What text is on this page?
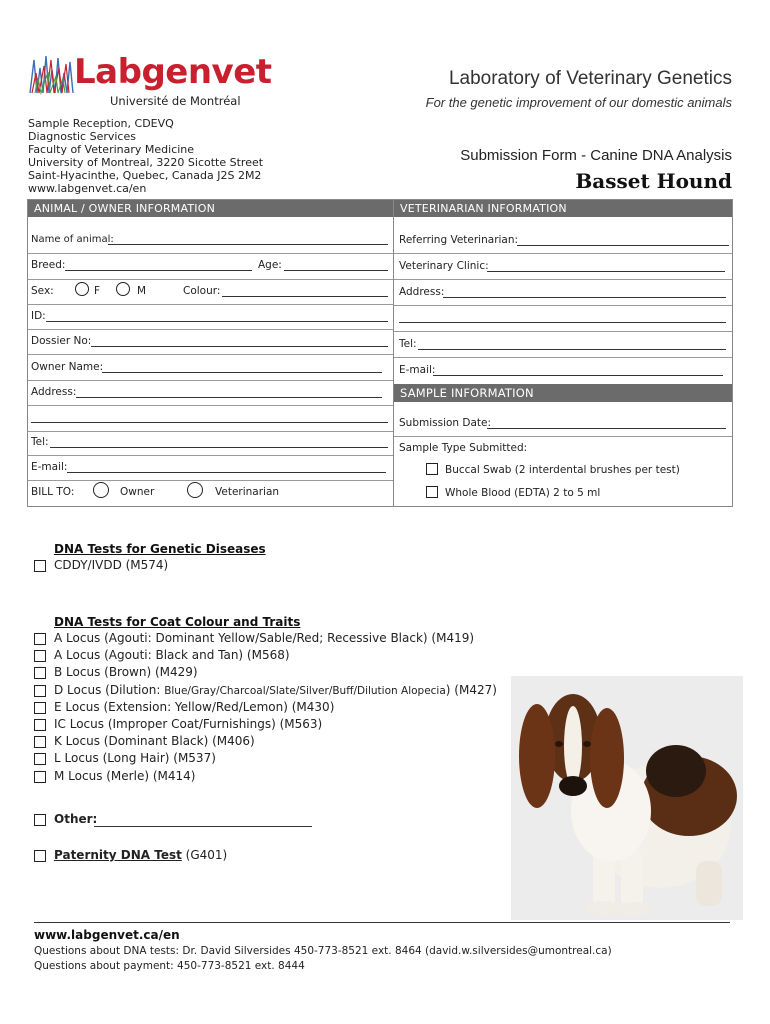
Labgenvet
Université de Montréal
Laboratory of Veterinary Genetics
For the genetic improvement of our domestic animals
Sample Reception, CDEVQ
Diagnostic Services
Faculty of Veterinary Medicine
University of Montreal, 3220 Sicotte Street
Saint-Hyacinthe, Quebec, Canada J2S 2M2
www.labgenvet.ca/en
Submission Form - Canine DNA Analysis
Basset Hound
ANIMAL / OWNER INFORMATION	VETERINARIAN INFORMATION
Name of animal:
Breed:	Age:
Sex:	F	M	Colour:
ID:
Dossier No:
Owner Name:
Address:
Tel:
E-mail:
BILL TO:	Owner	Veterinarian
Referring Veterinarian:
Veterinary Clinic:
Address:
Tel:
E-mail:
SAMPLE INFORMATION
Submission Date:
Sample Type Submitted:
Buccal Swab (2 interdental brushes per test)
Whole Blood (EDTA) 2 to 5 ml
DNA Tests for Genetic Diseases
CDDY/IVDD (M574)
DNA Tests for Coat Colour and Traits
A Locus (Agouti: Dominant Yellow/Sable/Red; Recessive Black) (M419)
A Locus (Agouti: Black and Tan) (M568)
B Locus (Brown) (M429)
D Locus (Dilution: Blue/Gray/Charcoal/Slate/Silver/Buff/Dilution Alopecia) (M427)
E Locus (Extension: Yellow/Red/Lemon) (M430)
IC Locus (Improper Coat/Furnishings) (M563)
K Locus (Dominant Black) (M406)
L Locus (Long Hair) (M537)
M Locus (Merle) (M414)
Other:
Paternity DNA Test (G401)
www.labgenvet.ca/en
Questions about DNA tests: Dr. David Silversides 450-773-8521 ext. 8464 (david.w.silversides@umontreal.ca)
Questions about payment: 450-773-8521 ext. 8444
